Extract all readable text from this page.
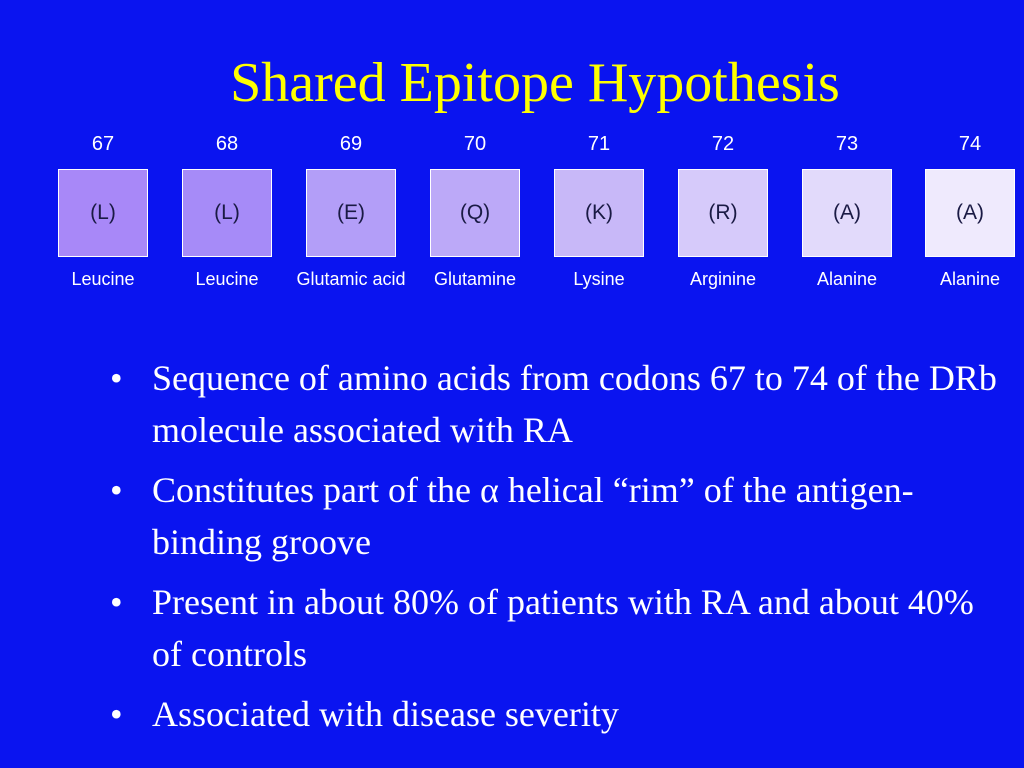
Shared Epitope Hypothesis
67
(L)
Leucine
68
(L)
Leucine
69
(E)
Glutamic acid
70
(Q)
Glutamine
71
(K)
Lysine
72
(R)
Arginine
73
(A)
Alanine
74
(A)
Alanine
• Sequence of amino acids from codons 67 to 74 of the DRb molecule associated with RA
• Constitutes part of the α helical “rim” of the antigen-binding groove
• Present in about 80% of patients with RA and about 40% of controls
• Associated with disease severity
